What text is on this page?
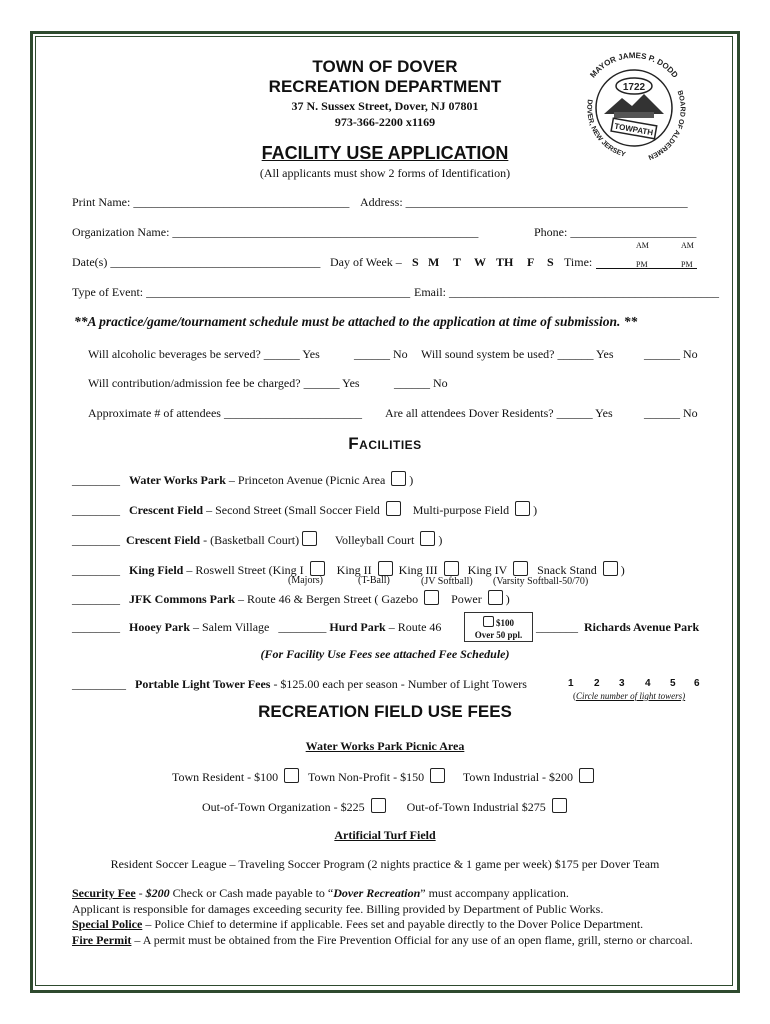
TOWN OF DOVER
RECREATION DEPARTMENT
37 N. Sussex Street, Dover, NJ 07801
973-366-2200 x1169
FACILITY USE APPLICATION
(All applicants must show 2 forms of Identification)
MAYOR JAMES P. DODD
BOARD OF ALDERMEN
DOVER, NEW JERSEY
1722
TOWPATH
Print Name: ____________________________________ Address: _______________________________________________
Organization Name: ___________________________________________________	Phone: _____________________
AM	AM
Date(s) ___________________________________ Day of Week – S M T W TH F S Time:	PM	PM
Type of Event: ____________________________________________ Email: _____________________________________________
**A practice/game/tournament schedule must be attached to the application at time of submission. **
Will alcoholic beverages be served? ______ Yes	______ No Will sound system be used? ______ Yes	______ No
Will contribution/admission fee be charged? ______ Yes	______ No
Approximate # of attendees _______________________ Are all attendees Dover Residents? ______ Yes	______ No
Facilities
________ Water Works Park – Princeton Avenue (Picnic Area )
________ Crescent Field – Second Street (Small Soccer Field	Multi-purpose Field )
________ Crescent Field - (Basketball Court)	Volleyball Court )
________ King Field – Roswell Street (King I	King II King III	King IV	Snack Stand )
(Majors)	(T-Ball)	(JV Softball) (Varsity Softball-50/70)
________ JFK Commons Park – Route 46 & Bergen Street ( Gazebo	Power )
________ Hooey Park – Salem Village ________ Hurd Park – Route 46	$100
Over 50 ppl.
_______ Richards Avenue Park
(For Facility Use Fees see attached Fee Schedule)
_________ Portable Light Tower Fees - $125.00 each per season - Number of Light Towers	1 2 3 4 5 6
(Circle number of light towers)
RECREATION FIELD USE FEES
Water Works Park Picnic Area
Town Resident - $100 Town Non-Profit - $150	Town Industrial - $200
Out-of-Town Organization - $225	Out-of-Town Industrial $275
Artificial Turf Field
Resident Soccer League – Traveling Soccer Program (2 nights practice & 1 game per week) $175 per Dover Team

Security Fee - $200 Check or Cash made payable to “Dover Recreation” must accompany application.

Applicant is responsible for damages exceeding security fee. Billing provided by Department of Public Works.

Special Police – Police Chief to determine if applicable. Fees set and payable directly to the Dover Police Department.

Fire Permit – A permit must be obtained from the Fire Prevention Official for any use of an open flame, grill, sterno or charcoal.
